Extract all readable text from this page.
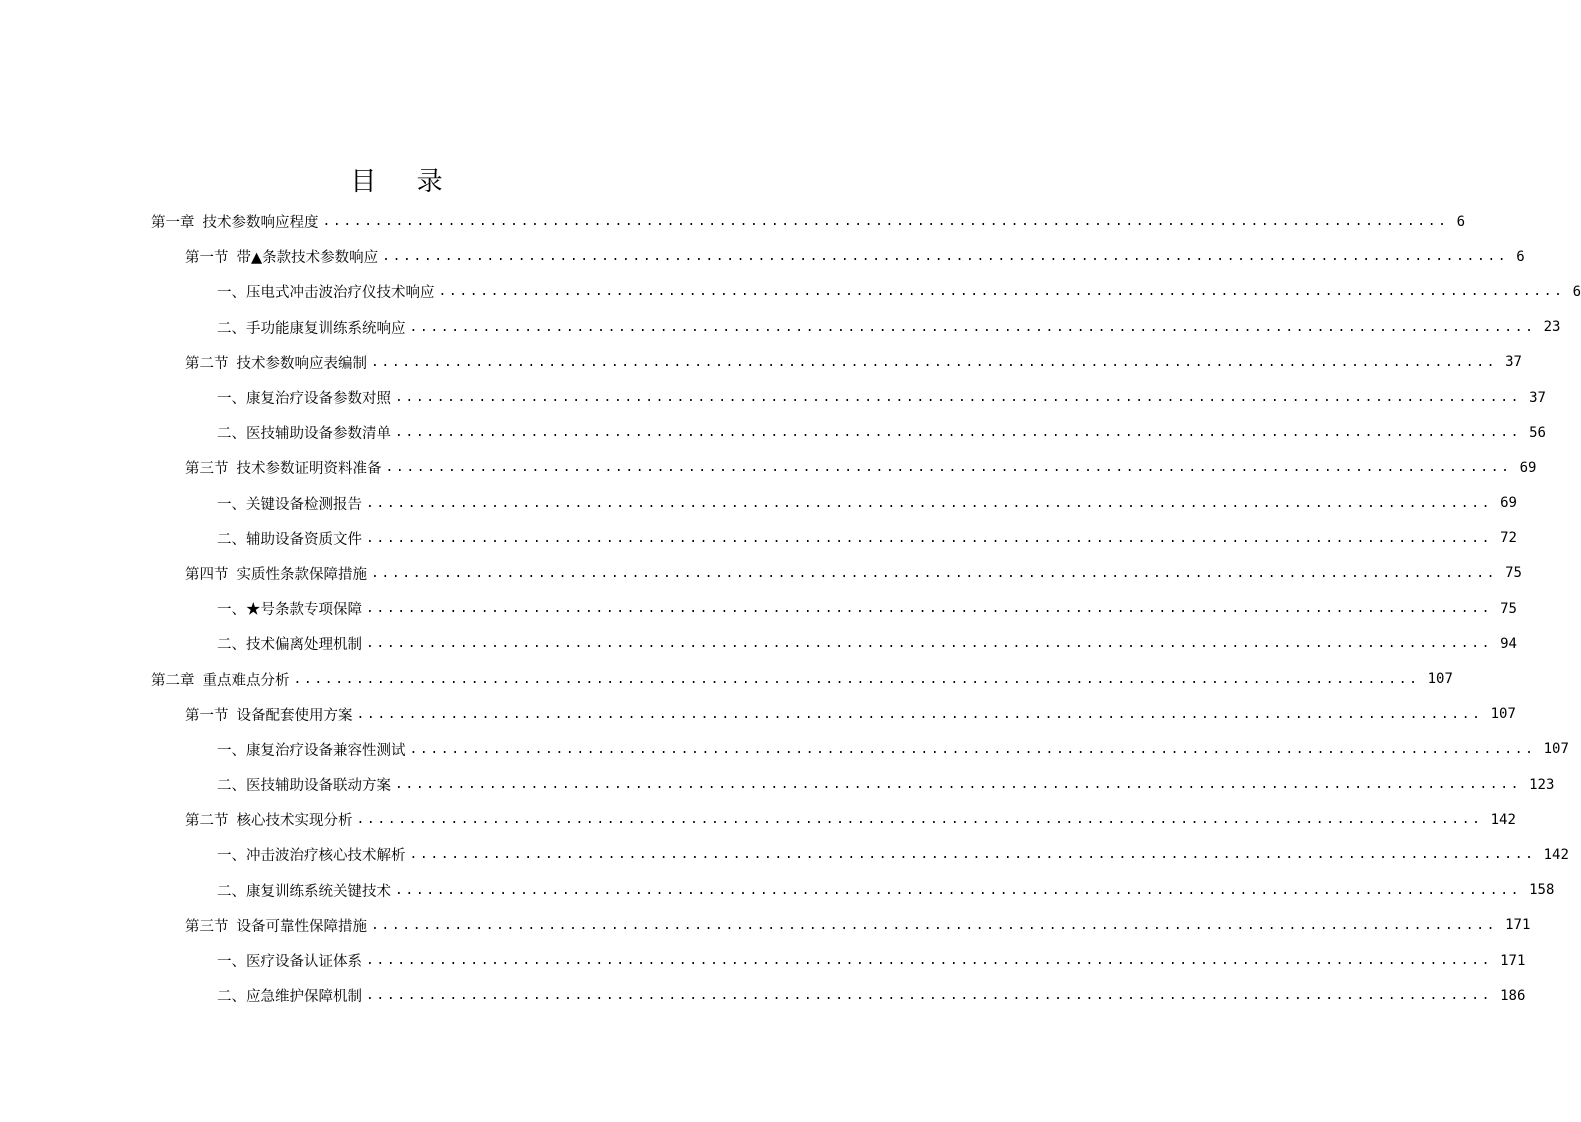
目 录
第一章 技术参数响应程度 ............................................................................................................ 6
第一节 带▲条款技术参数响应 ............................................................................................................ 6
一、 压电式冲击波治疗仪技术响应 ............................................................................................................ 6
二、 手功能康复训练系统响应 ............................................................................................................ 23
第二节 技术参数响应表编制 ............................................................................................................ 37
一、 康复治疗设备参数对照 ............................................................................................................ 37
二、 医技辅助设备参数清单 ............................................................................................................ 56
第三节 技术参数证明资料准备 ............................................................................................................ 69
一、 关键设备检测报告 ............................................................................................................ 69
二、 辅助设备资质文件 ............................................................................................................ 72
第四节 实质性条款保障措施 ............................................................................................................ 75
一、 ★号条款专项保障 ............................................................................................................ 75
二、 技术偏离处理机制 ............................................................................................................ 94
第二章 重点难点分析 ............................................................................................................ 107
第一节 设备配套使用方案 ............................................................................................................ 107
一、 康复治疗设备兼容性测试 ............................................................................................................ 107
二、 医技辅助设备联动方案 ............................................................................................................ 123
第二节 核心技术实现分析 ............................................................................................................ 142
一、 冲击波治疗核心技术解析 ............................................................................................................ 142
二、 康复训练系统关键技术 ............................................................................................................ 158
第三节 设备可靠性保障措施 ............................................................................................................ 171
一、 医疗设备认证体系 ............................................................................................................ 171
二、 应急维护保障机制 ............................................................................................................ 186
